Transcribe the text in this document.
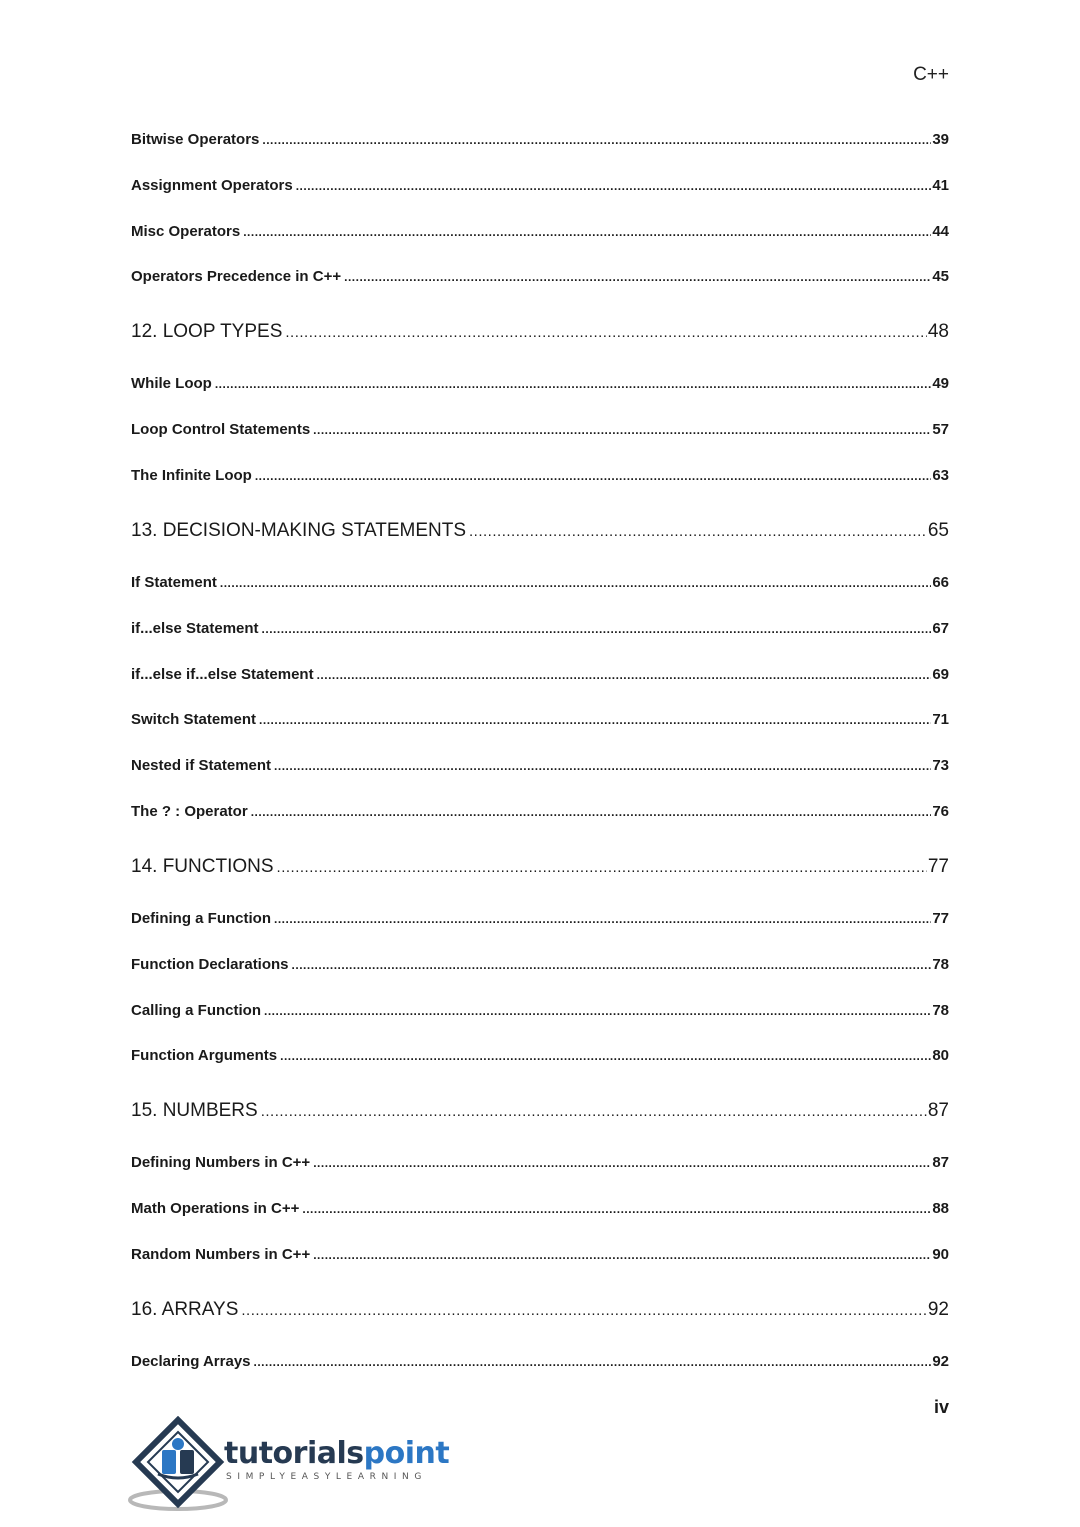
C++
Bitwise Operators .....	39
Assignment Operators .....	41
Misc Operators .....	44
Operators Precedence in C++ .....	45
12. LOOP TYPES .....	48
While Loop .....	49
Loop Control Statements .....	57
The Infinite Loop .....	63
13. DECISION-MAKING STATEMENTS .....	65
If Statement .....	66
if...else Statement .....	67
if...else if...else Statement .....	69
Switch Statement .....	71
Nested if Statement .....	73
The ? : Operator .....	76
14. FUNCTIONS .....	77
Defining a Function .....	77
Function Declarations .....	78
Calling a Function .....	78
Function Arguments .....	80
15. NUMBERS .....	87
Defining Numbers in C++ .....	87
Math Operations in C++ .....	88
Random Numbers in C++ .....	90
16. ARRAYS .....	92
Declaring Arrays .....	92
iv
tutorialspoint
SIMPLYEASYLEARNING
